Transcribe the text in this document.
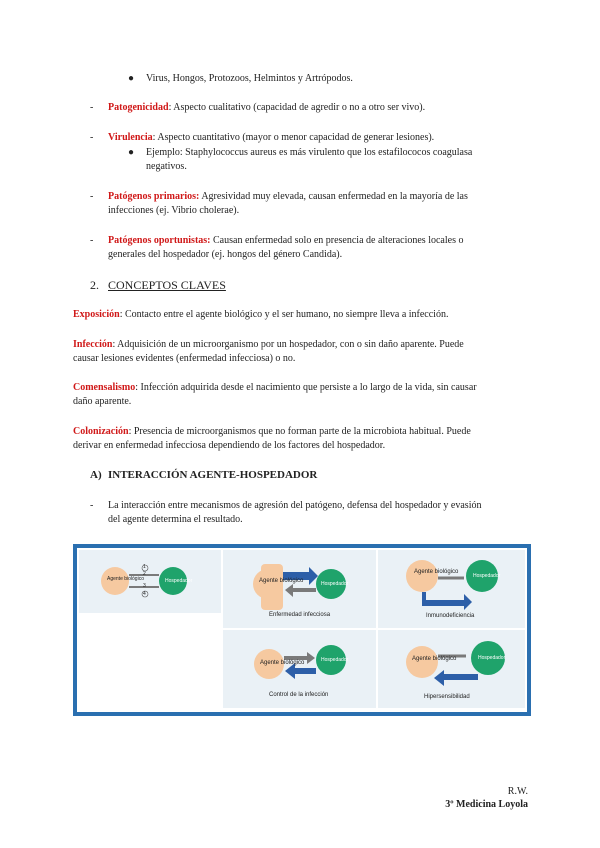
● Virus, Hongos, Protozoos, Helmintos y Artrópodos.
- Patogenicidad: Aspecto cualitativo (capacidad de agredir o no a otro ser vivo).
- Virulencia: Aspecto cuantitativo (mayor o menor capacidad de generar lesiones).
● Ejemplo: Staphylococcus aureus es más virulento que los estafilococos coagulasa
negativos.
- Patógenos primarios: Agresividad muy elevada, causan enfermedad en la mayoría de las
infecciones (ej. Vibrio cholerae).
- Patógenos oportunistas: Causan enfermedad solo en presencia de alteraciones locales o
generales del hospedador (ej. hongos del género Candida).
2. CONCEPTOS CLAVES
Exposición: Contacto entre el agente biológico y el ser humano, no siempre lleva a infección.
Infección: Adquisición de un microorganismo por un hospedador, con o sin daño aparente. Puede
causar lesiones evidentes (enfermedad infecciosa) o no.
Comensalismo: Infección adquirida desde el nacimiento que persiste a lo largo de la vida, sin causar
daño aparente.
Colonización: Presencia de microorganismos que no forman parte de la microbiota habitual. Puede
derivar en enfermedad infecciosa dependiendo de los factores del hospedador.
A) INTERACCIÓN AGENTE-HOSPEDADOR
- La interacción entre mecanismos de agresión del patógeno, defensa del hospedador y evasión
del agente determina el resultado.
Agente biológico	Hospedador
1
2
3
4
Agente biológico	Hospedador
Enfermedad infecciosa
Agente biológico
Hospedador
Inmunodeficiencia
Agente biológico	Hospedador
Control de la infección
Agente biológico	Hospedador
Hipersensibilidad
R.W.
3º Medicina Loyola
